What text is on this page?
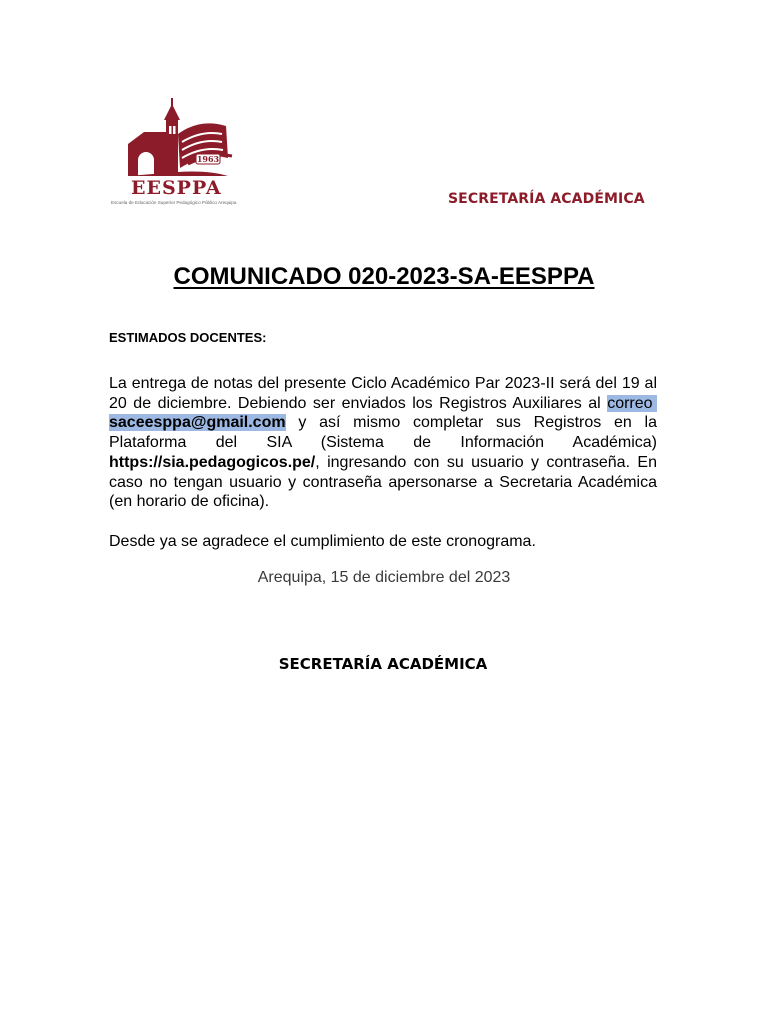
1963
EESPPA
Escuela de Educación Superior Pedagógico Público Arequipa	SECRETARÍA ACADÉMICA
COMUNICADO 020-2023-SA-EESPPA
ESTIMADOS DOCENTES:

La entrega de notas del presente Ciclo Académico Par 2023-II será del 19 al 20 de diciembre. Debiendo ser enviados los Registros Auxiliares al correo  saceesppa@gmail.com y así mismo completar sus Registros en la Plataforma del SIA (Sistema de Información Académica) https://sia.pedagogicos.pe/, ingresando con su usuario y contraseña. En caso no tengan usuario y contraseña apersonarse a Secretaria Académica (en horario de oficina).

Desde ya se agradece el cumplimiento de este cronograma.
Arequipa, 15 de diciembre del 2023
SECRETARÍA ACADÉMICA
